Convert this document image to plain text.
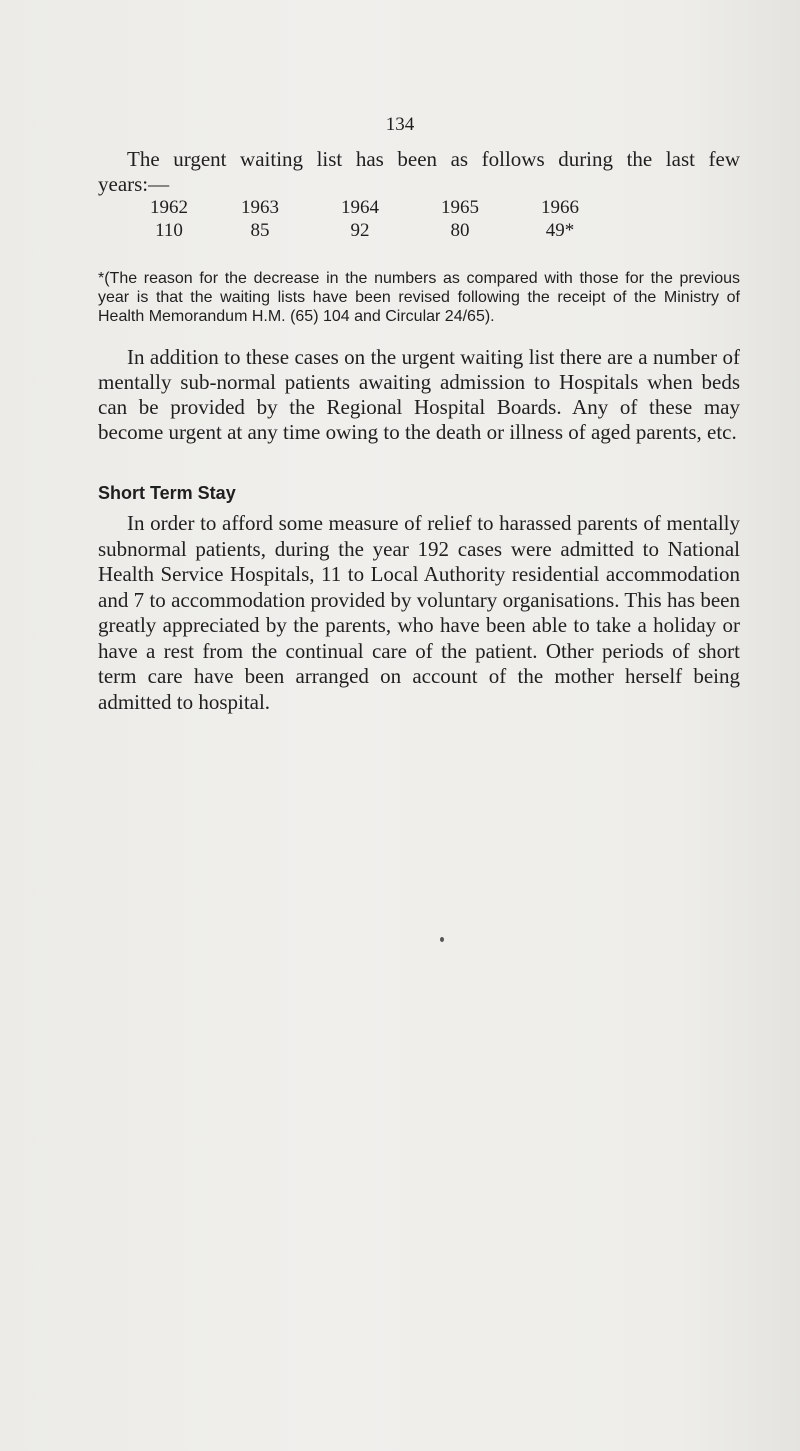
134
The urgent waiting list has been as follows during the last few
years:—
1962	1963	1964	1965	1966
110	85	92	80	49*
*(The reason for the decrease in the numbers as compared with those for the previous year is that the waiting lists have been revised following the receipt of the Ministry of Health Memorandum H.M. (65) 104 and Circular 24/65).
In addition to these cases on the urgent waiting list there are a number of mentally sub-normal patients awaiting admission to Hospitals when beds can be provided by the Regional Hospital Boards. Any of these may become urgent at any time owing to the death or illness of aged parents, etc.
Short Term Stay
In order to afford some measure of relief to harassed parents of mentally subnormal patients, during the year 192 cases were admitted to National Health Service Hospitals, 11 to Local Authority residential accommodation and 7 to accommodation provided by voluntary organisations. This has been greatly appreciated by the parents, who have been able to take a holiday or have a rest from the continual care of the patient. Other periods of short term care have been arranged on account of the mother herself being admitted to hospital.
